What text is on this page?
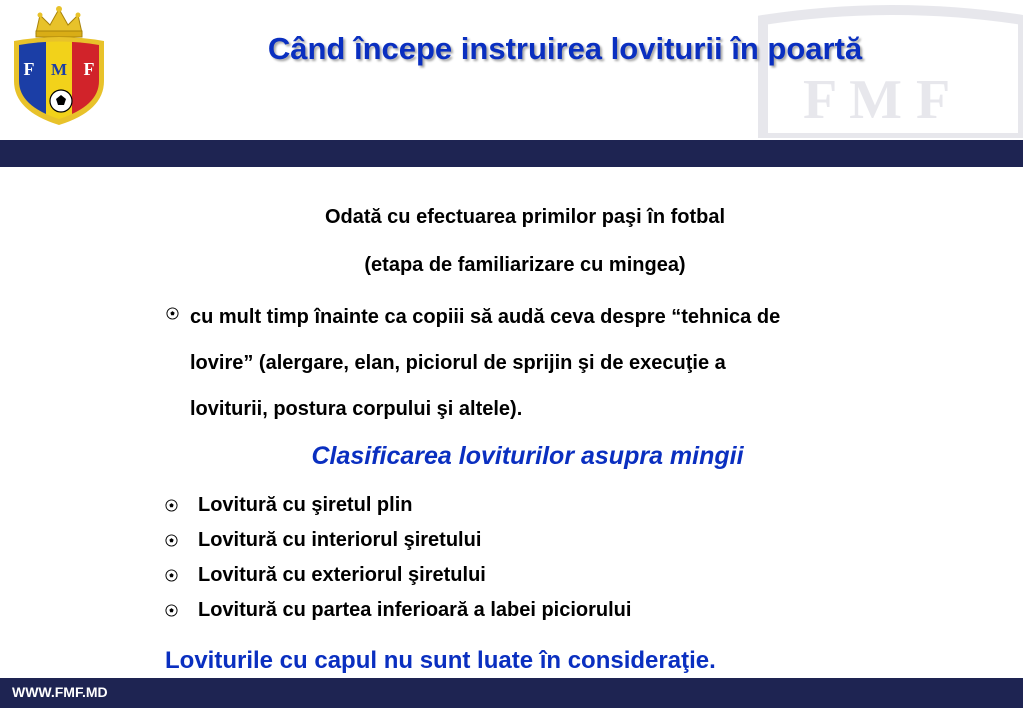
F M F	F M F
Când începe instruirea loviturii în poartă
Odată cu efectuarea primilor paşi în fotbal
(etapa de familiarizare cu mingea)
cu mult timp înainte ca copiii să audă ceva despre “tehnica de
lovire” (alergare, elan, piciorul de sprijin şi de execuţie a
loviturii, postura corpului şi altele).
Clasificarea loviturilor asupra mingii
Lovitură cu şiretul plin
Lovitură cu interiorul şiretului
Lovitură cu exteriorul şiretului
Lovitură cu partea inferioară a labei piciorului
Loviturile cu capul nu sunt luate în consideraţie.
WWW.FMF.MD
